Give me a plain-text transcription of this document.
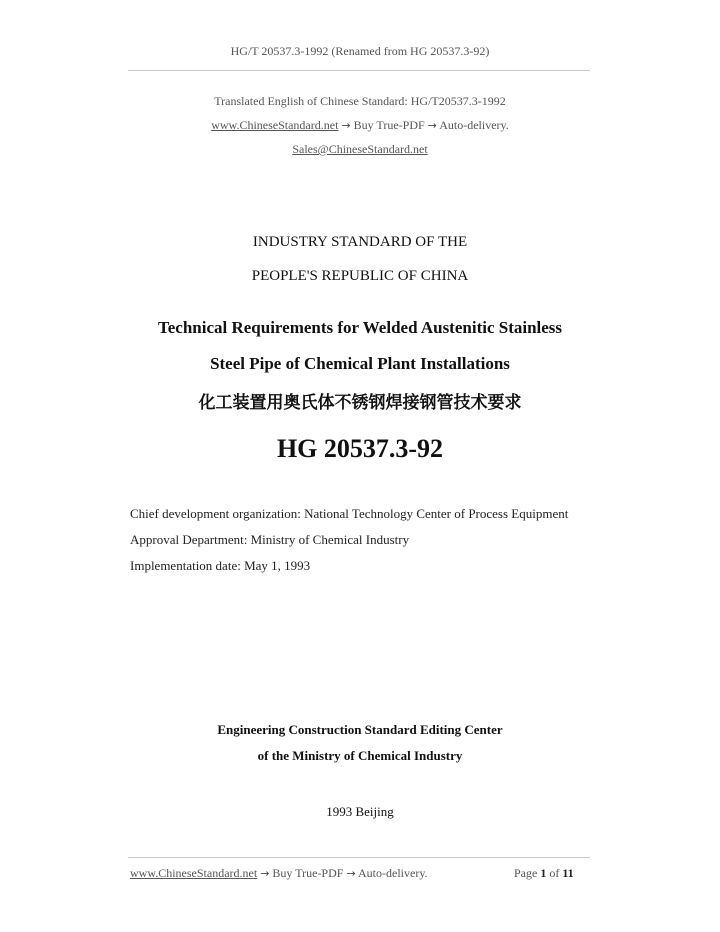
HG/T 20537.3-1992 (Renamed from HG 20537.3-92)
Translated English of Chinese Standard: HG/T20537.3-1992
www.ChineseStandard.net → Buy True-PDF → Auto-delivery.
Sales@ChineseStandard.net
INDUSTRY STANDARD OF THE
PEOPLE'S REPUBLIC OF CHINA
Technical Requirements for Welded Austenitic Stainless
Steel Pipe of Chemical Plant Installations
化工装置用奥氏体不锈钢焊接钢管技术要求
HG 20537.3-92
Chief development organization: National Technology Center of Process Equipment
Approval Department: Ministry of Chemical Industry
Implementation date: May 1, 1993
Engineering Construction Standard Editing Center
of the Ministry of Chemical Industry
1993 Beijing
www.ChineseStandard.net → Buy True-PDF → Auto-delivery.	Page 1 of 11
